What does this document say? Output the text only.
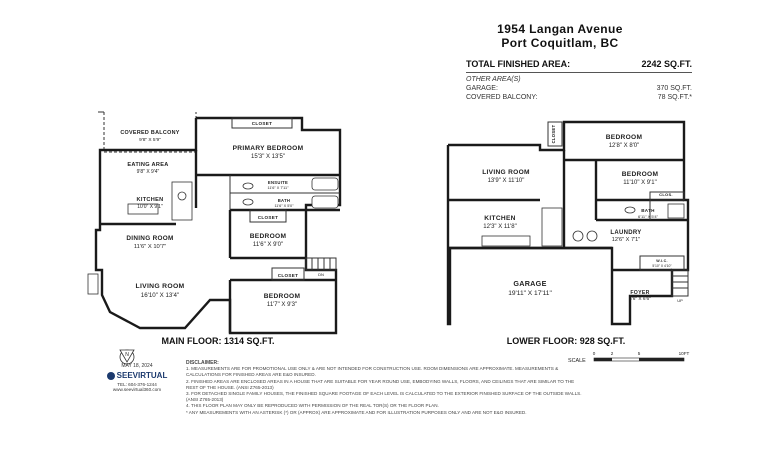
COVERED BALCONY
9'8" X 5'9"
EATING AREA
9'8" X 9'4"
KITCHEN
10'0" X 9'1"
DINING ROOM
11'6" X 10'7"
LIVING ROOM
16'10" X 13'4"
CLOSET
PRIMARY BEDROOM
15'3" X 13'5"
ENSUITE
11'6" X 7'11"
BATH
11'6" X 5'0"
CLOSET
BEDROOM
11'6" X 9'0"
CLOSET	DN
BEDROOM
11'7" X 9'3"
MAIN FLOOR: 1314 SQ.FT.
CLOSET	BEDROOM
12'8" X 8'0"
BEDROOM
11'10" X 9'1"
LIVING ROOM
13'9" X 11'10"
KITCHEN
12'3" X 11'8"
CLOS.
BATH
6'11" X 5'4"
LAUNDRY
12'6" X 7'1"
W.I.C.
5'10" X 4'10"
GARAGE
19'11" X 17'11"	FOYER
6'6" X 6'6"	UP
LOWER FLOOR: 928 SQ.FT.
N
1954 Langan Avenue
Port Coquitlam, BC
TOTAL FINISHED AREA:	2242 SQ.FT.
OTHER AREA(S)
GARAGE:	370 SQ.FT.
COVERED BALCONY:	78 SQ.FT.*
MAY 18, 2024
SEEVIRTUAL
TEL: 604-376-1244
www.seevirtual360.com
DISCLAIMER:
1. MEASUREMENTS ARE FOR PROMOTIONAL USE ONLY & ARE NOT INTENDED FOR CONSTRUCTION USE. ROOM DIMENSIONS ARE APPROXIMATE. MEASUREMENTS &
CALCULATIONS FOR FINISHED AREAS ARE E&O INSURED.
2. FINISHED AREAS ARE ENCLOSED AREAS IN A HOUSE THAT ARE SUITABLE FOR YEAR ROUND USE, EMBODYING WALLS, FLOORS, AND CEILINGS THAT ARE SIMILAR TO THE
REST OF THE HOUSE. (ANSI Z765-2013)
3. FOR DETACHED SINGLE FAMILY HOUSES, THE FINISHED SQUARE FOOTAGE OF EACH LEVEL IS CALCULATED TO THE EXTERIOR FINISHED SURFACE OF THE OUTSIDE WALLS.
(ANSI Z765-2013)
4. THIS FLOOR PLAN MAY ONLY BE REPRODUCED WITH PERMISSION OF THE REAL TOR(S) OR THE FLOOR PLAN.
* ANY MEASUREMENTS WITH AN ASTERISK (*) OR (APPROX) ARE APPROXIMATE AND FOR ILLUSTRATION PURPOSES ONLY AND ARE NOT E&O INSURED.
SCALE
0	2	5	10FT
